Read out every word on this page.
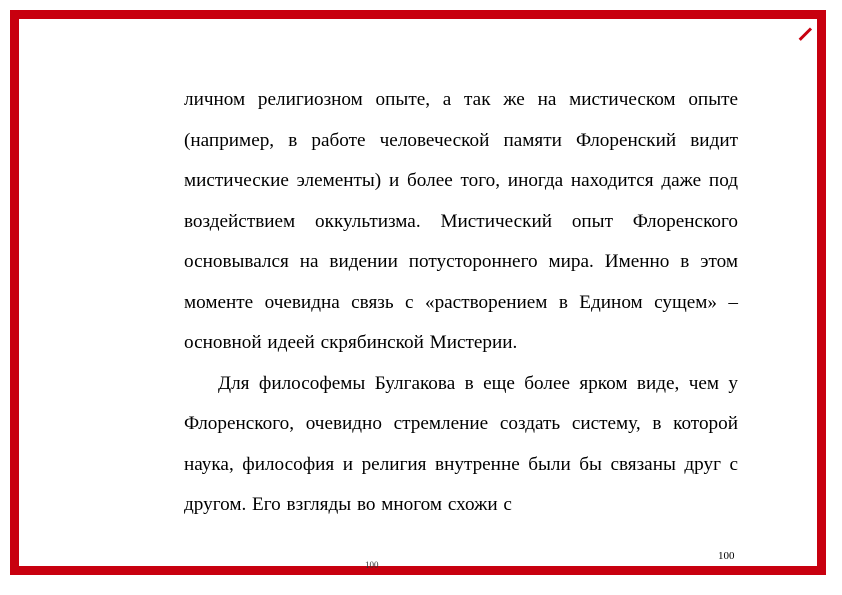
личном религиозном опыте, а так же на мистическом опыте (например, в работе человеческой памяти Флоренский видит мистические элементы) и более того, иногда находится даже под воздействием оккультизма. Мистический опыт Флоренского основывался на видении потустороннего мира. Именно в этом моменте очевидна связь с «растворением в Едином сущем» – основной идеей скрябинской Мистерии.

Для философемы Булгакова в еще более ярком виде, чем у Флоренского, очевидно стремление создать систему, в которой наука, философия и религия внутренне были бы связаны друг с другом. Его взгляды во многом схожи с

100
100
